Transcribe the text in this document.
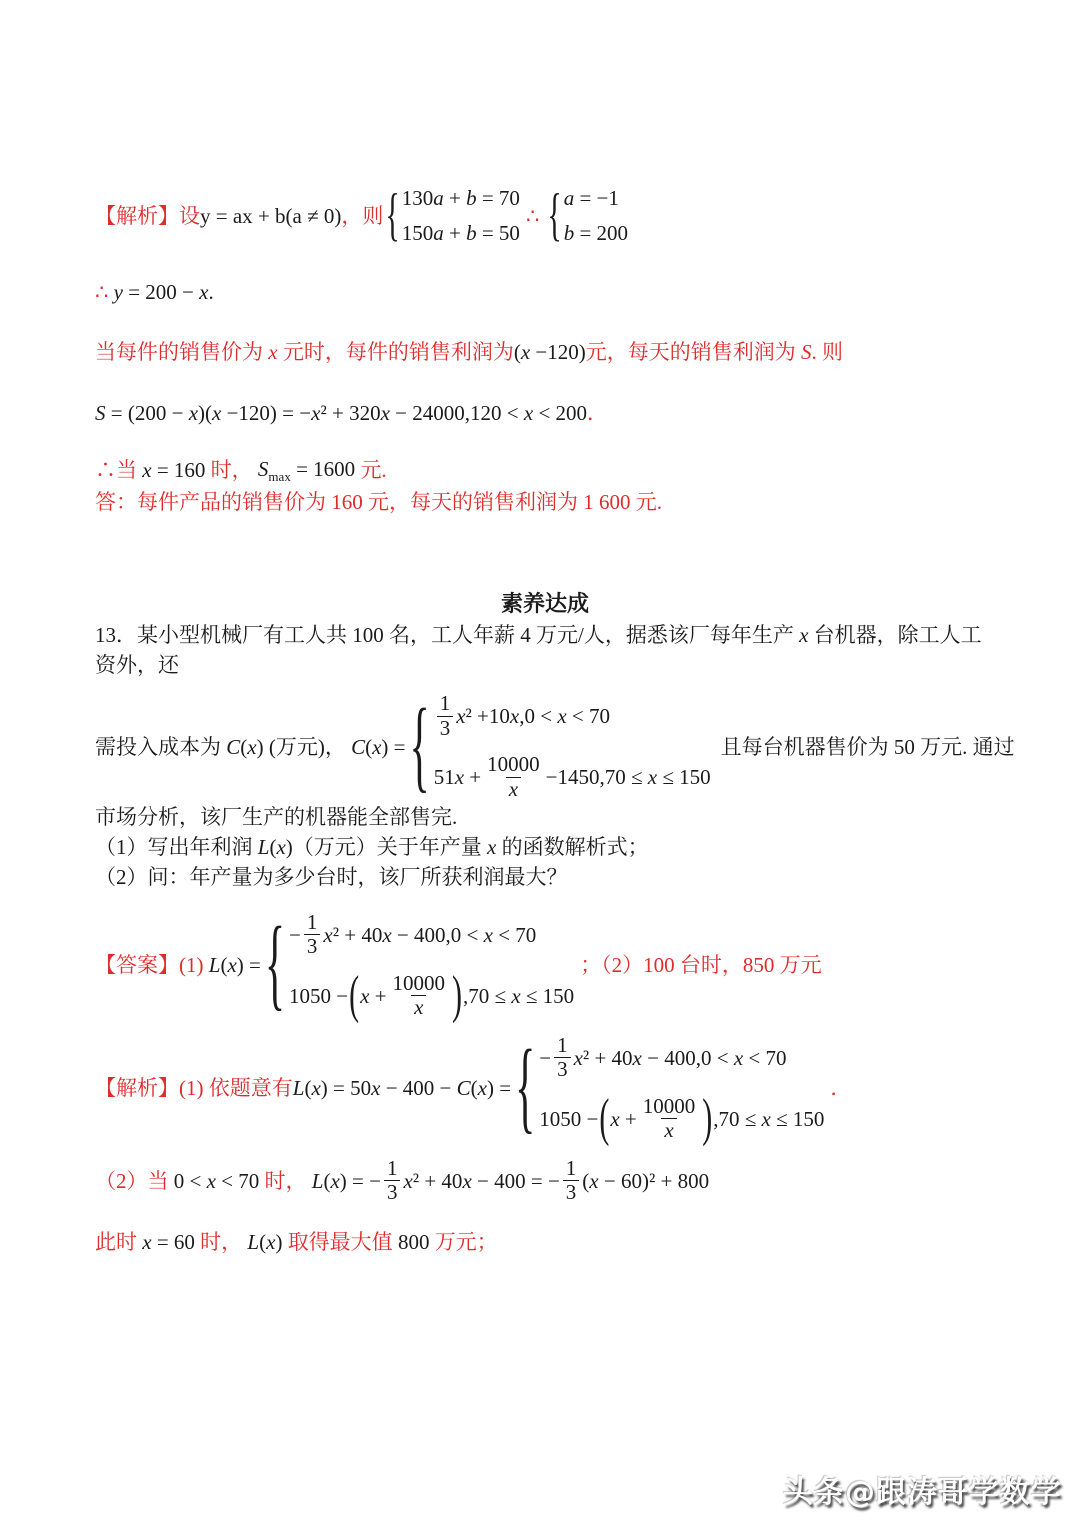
【解析】 设 y = ax + b(a ≠ 0) ，则 { 130a + b = 70
150a + b = 50
∴ { a = −1
b = 200
∴ y = 200 − x.
当每件的销售价为 x 元时，每件的销售利润为 (x −120) 元，每天的销售利润为 S. 则
S = (200 − x)(x −120) = −x² + 320x − 24000,120 < x < 200 ．
∴当 x = 160 时， $S_{max} = 1600$ 元.

答：每件产品的销售价为 160 元，每天的销售利润为 1 600 元.

素养达成

13．某小型机械厂有工人共 100 名，工人年薪 4 万元/人，据悉该厂每年生产 x 台机器，除工人工资外，还

需投入成本为 C(x) (万元)， C(x) = { $\frac{1}{3} x^2 +10x,0 < x < 70$
$51x + \frac{10000}{x} -1450,70 \le x \le 150$
且每台机器售价为 50 万元. 通过

市场分析，该厂生产的机器能全部售完.

（1）写出年利润 L(x)（万元）关于年产量 x 的函数解析式；

（2）问：年产量为多少台时，该厂所获利润最大？

【答案】(1) L(x) = { − $\frac{1}{3} x^2 + 40x - 400,0 < x < 70$
1050 − ( $x + \frac{10000}{x}$ ) ,70 ≤ x ≤ 150
；（2）100 台时，850 万元
【解析】(1) 依题意有 L(x) = 50x − 400 − C(x) = { − $\frac{1}{3} x^2 + 40x - 400,0 < x < 70$
1050 − ( $x + \frac{10000}{x}$ ) ,70 ≤ x ≤ 150
．
（2）当 0 < x < 70 时， L(x) = − $\frac{1}{3} x^2 + 40x - 400$ = − $\frac{1}{3} (x - 60)^2 + 800$
此时 x = 60 时， L(x) 取得最大值 800 万元；
头条@跟涛哥学数学
